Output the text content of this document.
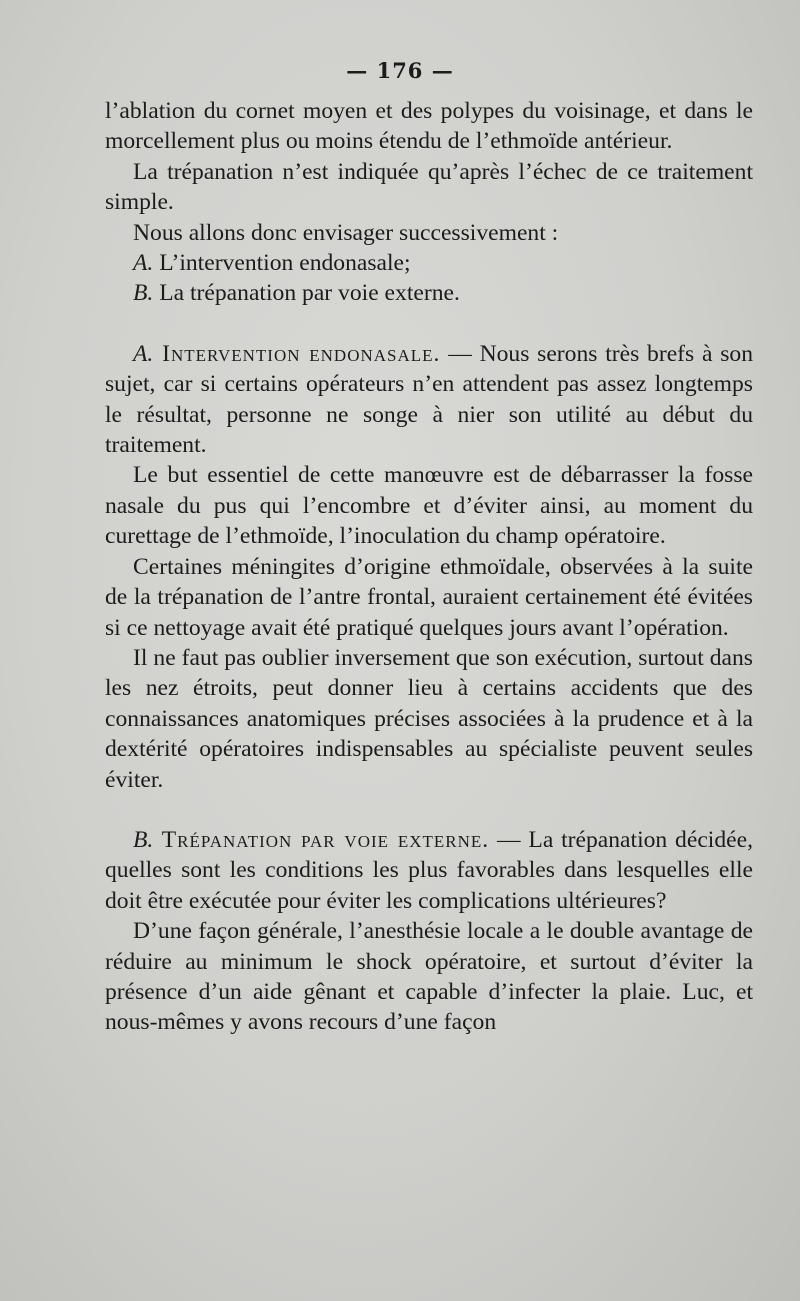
— 176 —

l’ablation du cornet moyen et des polypes du voisinage, et dans le morcellement plus ou moins étendu de l’ethmoïde antérieur.

La trépanation n’est indiquée qu’après l’échec de ce traitement simple.

Nous allons donc envisager successivement :

A. L’intervention endonasale;

B. La trépanation par voie externe.

A. Intervention endonasale. — Nous serons très brefs à son sujet, car si certains opérateurs n’en attendent pas assez longtemps le résultat, personne ne songe à nier son utilité au début du traitement.

Le but essentiel de cette manœuvre est de débarrasser la fosse nasale du pus qui l’encombre et d’éviter ainsi, au moment du curettage de l’ethmoïde, l’inoculation du champ opératoire.

Certaines méningites d’origine ethmoïdale, observées à la suite de la trépanation de l’antre frontal, auraient certainement été évitées si ce nettoyage avait été pratiqué quelques jours avant l’opération.

Il ne faut pas oublier inversement que son exécution, surtout dans les nez étroits, peut donner lieu à certains accidents que des connaissances anatomiques précises associées à la prudence et à la dextérité opératoires indispensables au spécialiste peuvent seules éviter.

B. Trépanation par voie externe. — La trépanation décidée, quelles sont les conditions les plus favorables dans lesquelles elle doit être exécutée pour éviter les complications ultérieures?

D’une façon générale, l’anesthésie locale a le double avantage de réduire au minimum le shock opératoire, et surtout d’éviter la présence d’un aide gênant et capable d’infecter la plaie. Luc, et nous-mêmes y avons recours d’une façon
